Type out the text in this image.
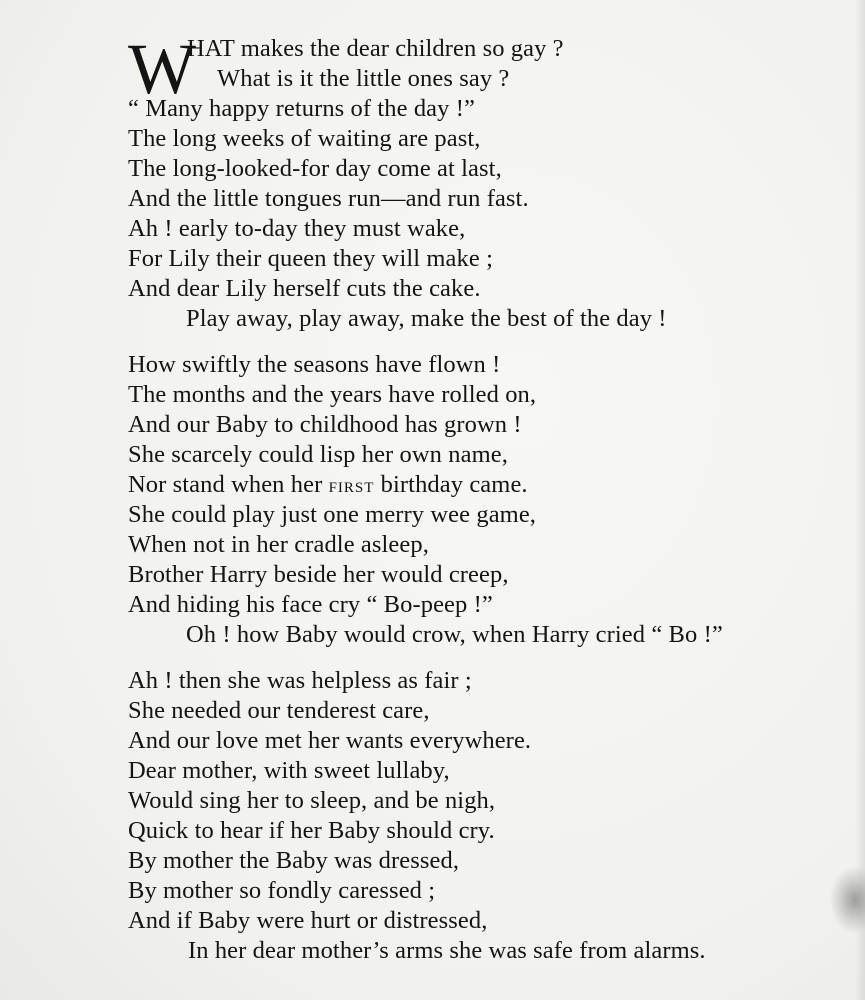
W
HAT makes the dear children so gay ?
What is it the little ones say ?
“ Many happy returns of the day !”
The long weeks of waiting are past,
The long-looked-for day come at last,
And the little tongues run—and run fast.
Ah ! early to-day they must wake,
For Lily their queen they will make ;
And dear Lily herself cuts the cake.
Play away, play away, make the best of the day !
How swiftly the seasons have flown !
The months and the years have rolled on,
And our Baby to childhood has grown !
She scarcely could lisp her own name,
Nor stand when her FIRST birthday came.
She could play just one merry wee game,
When not in her cradle asleep,
Brother Harry beside her would creep,
And hiding his face cry “ Bo-peep !”
Oh ! how Baby would crow, when Harry cried “ Bo !”
Ah ! then she was helpless as fair ;
She needed our tenderest care,
And our love met her wants everywhere.
Dear mother, with sweet lullaby,
Would sing her to sleep, and be nigh,
Quick to hear if her Baby should cry.
By mother the Baby was dressed,
By mother so fondly caressed ;
And if Baby were hurt or distressed,
In her dear mother’s arms she was safe from alarms.
